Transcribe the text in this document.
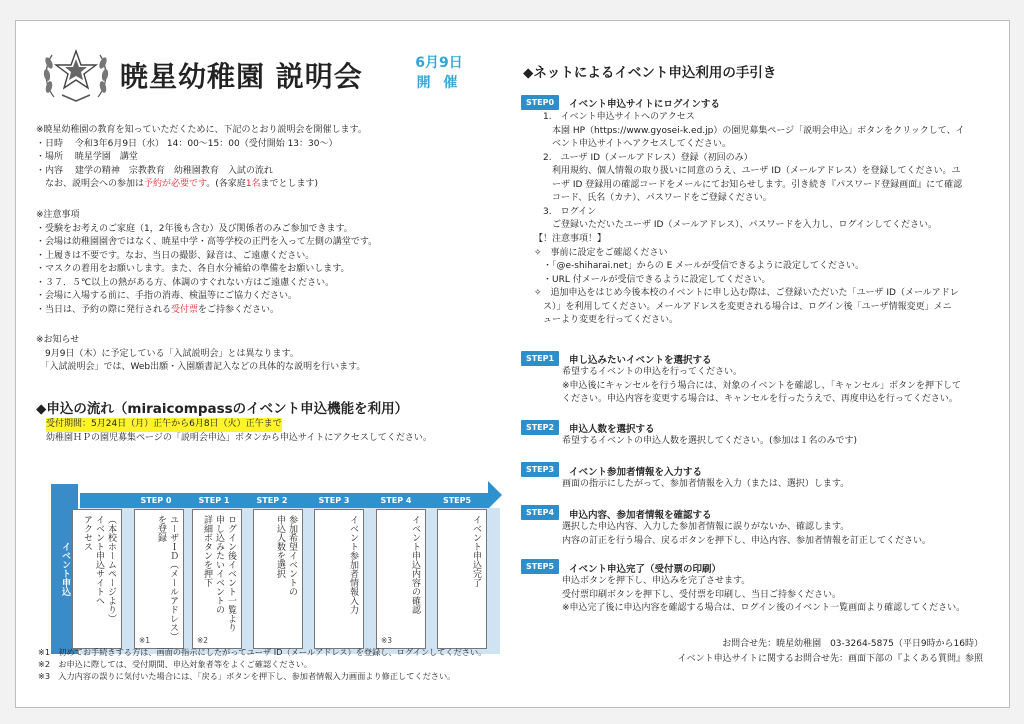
暁星幼稚園 説明会	6月9日
開 催
※暁星幼稚園の教育を知っていただくために、下記のとおり説明会を開催します。
・日時　 令和3年6月9日（水） 14：00～15：00（受付開始 13：30～）
・場所　 暁星学園　講堂
・内容　 建学の精神　宗教教育　幼稚園教育　入試の流れ
　なお、説明会への参加は予約が必要です。(各家庭1名までとします)
※注意事項
・受験をお考えのご家庭（1，2年後も含む）及び関係者のみご参加できます。
・会場は幼稚園園舎ではなく、暁星中学・高等学校の正門を入って左側の講堂です。
・上履きは不要です。なお、当日の撮影、録音は、ご遠慮ください。
・マスクの着用をお願いします。また、各自水分補給の準備をお願いします。
・３７．５℃以上の熱がある方、体調のすぐれない方はご遠慮ください。
・会場に入場する前に、手指の消毒、検温等にご協力ください。
・当日は、予約の際に発行される受付票をご持参ください。
※お知らせ
　9月9日（木）に予定している「入試説明会」とは異なります。
　「入試説明会」では、Web出願・入園願書記入などの具体的な説明を行います。
◆申込の流れ（miraicompassのイベント申込機能を利用）
受付期間：5月24日（月）正午から6月8日（火）正午まで
幼稚園ＨＰの園児募集ページの「説明会申込」ボタンから申込サイトにアクセスしてください。
イベント申込
STEP 0	STEP 1	STEP 2	STEP 3	STEP 4	STEP5
（本校ホームページより）
イベント申込サイトへ
アクセス	ユーザＩＤ（メールアドレス）
を登録
※1
ログイン後イベント一覧より
申し込みたいイベントの
詳細ボタンを押下
※2
参加希望イベントの
申込人数を選択	イベント参加者情報入力	イベント申込内容の確認
※3
イベント申込完了
※1　初めてお手続きする方は、画面の指示にしたがってユーザ ID（メールアドレス）を登録し、ログインしてください。
※2　お申込に際しては、受付期間、申込対象者等をよくご確認ください。
※3　入力内容の誤りに気付いた場合には、「戻る」ボタンを押下し、参加者情報入力画面より修正してください。
◆ネットによるイベント申込利用の手引き
STEP0	イベント申込サイトにログインする
1.　イベント申込サイトへのアクセス
　本園 HP（https://www.gyosei-k.ed.jp）の園児募集ページ「説明会申込」ボタンをクリックして、イ
　ベント申込サイトへアクセスしてください。
2.　ユーザ ID（メールアドレス）登録（初回のみ）
　利用規約、個人情報の取り扱いに同意のうえ、ユーザ ID（メールアドレス）を登録してください。ユ
　ーザ ID 登録用の確認コードをメールにてお知らせします。引き続き『パスワード登録画面』にて確認
　コード、氏名（カナ）、パスワードをご登録ください。
3.　ログイン
　ご登録いただいたユーザ ID（メールアドレス）、パスワードを入力し、ログインしてください。
【！注意事項！】
✧　事前に設定をご確認ください
　・「@e-shiharai.net」からの E メールが受信できるように設定してください。
　・URL 付メールが受信できるように設定してください。
✧　追加申込をはじめ今後本校のイベントに申し込む際は、ご登録いただいた「ユーザ ID（メールアドレ
　ス）」を利用してください。メールアドレスを変更される場合は、ログイン後「ユーザ情報変更」メニ
　ューより変更を行ってください。
STEP1	申し込みたいイベントを選択する
希望するイベントの申込を行ってください。
※申込後にキャンセルを行う場合には、対象のイベントを確認し、「キャンセル」ボタンを押下して
ください。申込内容を変更する場合は、キャンセルを行ったうえで、再度申込を行ってください。
STEP2	申込人数を選択する
希望するイベントの申込人数を選択してください。(参加は１名のみです)
STEP3	イベント参加者情報を入力する
画面の指示にしたがって、参加者情報を入力（または、選択）します。
STEP4	申込内容、参加者情報を確認する
選択した申込内容、入力した参加者情報に誤りがないか、確認します。
内容の訂正を行う場合、戻るボタンを押下し、申込内容、参加者情報を訂正してください。
STEP5	イベント申込完了（受付票の印刷）
申込ボタンを押下し、申込みを完了させます。
受付票印刷ボタンを押下し、受付票を印刷し、当日ご持参ください。
※申込完了後に申込内容を確認する場合は、ログイン後のイベント一覧画面より確認してください。
お問合せ先：暁星幼稚園　03-3264-5875（平日9時から16時）
イベント申込サイトに関するお問合せ先：画面下部の『よくある質問』参照
